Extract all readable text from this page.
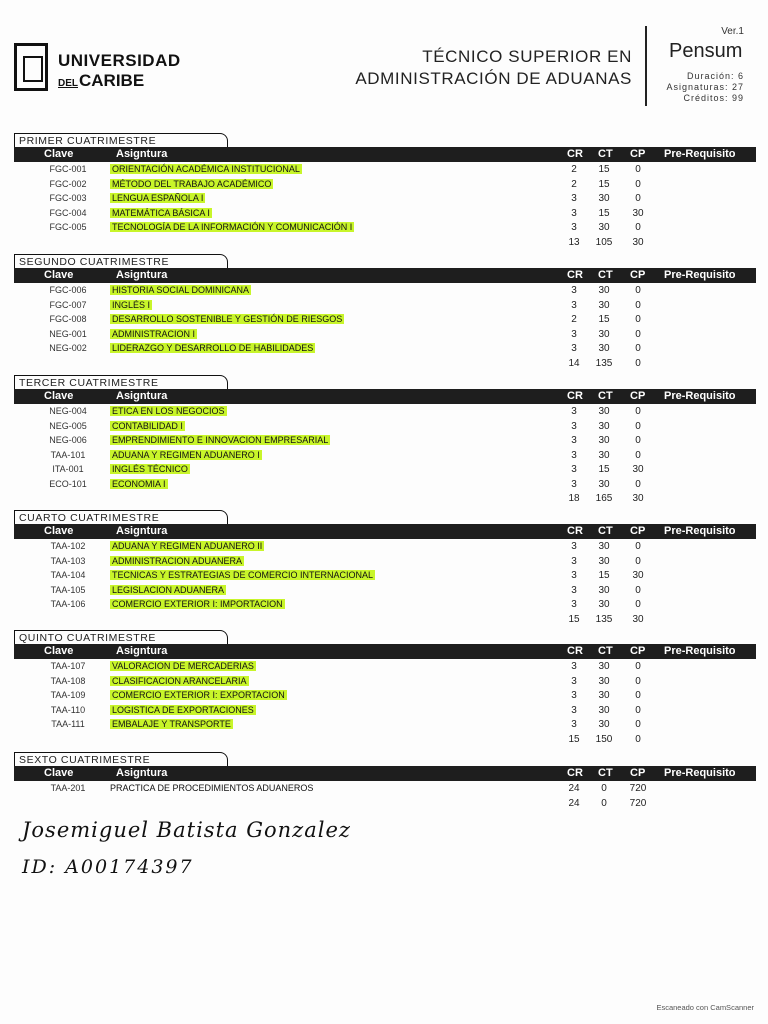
UNIVERSIDAD
DELCARIBE
TÉCNICO SUPERIOR EN
ADMINISTRACIÓN DE ADUANAS
Ver.1
Pensum
Duración: 6
Asignaturas: 27
Créditos: 99
PRIMER CUATRIMESTRE
Clave	Asigntura	CR CT CP Pre-Requisito
FGC-001	ORIENTACIÓN ACADÉMICA INSTITUCIONAL	2	15	0
FGC-002	MÉTODO DEL TRABAJO ACADÉMICO	2	15	0
FGC-003	LENGUA ESPAÑOLA I	3	30	0
FGC-004	MATEMÁTICA BÁSICA I	3	15	30
FGC-005	TECNOLOGÍA DE LA INFORMACIÓN Y COMUNICACIÓN I	3	30	0
13	105	30
SEGUNDO CUATRIMESTRE
Clave	Asigntura	CR CT CP Pre-Requisito
FGC-006	HISTORIA SOCIAL DOMINICANA	3	30	0
FGC-007	INGLÉS I	3	30	0
FGC-008	DESARROLLO SOSTENIBLE Y GESTIÓN DE RIESGOS	2	15	0
NEG-001	ADMINISTRACION I	3	30	0
NEG-002	LIDERAZGO Y DESARROLLO DE HABILIDADES	3	30	0
14	135	0
TERCER CUATRIMESTRE
Clave	Asigntura	CR CT CP Pre-Requisito
NEG-004	ETICA EN LOS NEGOCIOS	3	30	0
NEG-005	CONTABILIDAD I	3	30	0
NEG-006	EMPRENDIMIENTO E INNOVACION EMPRESARIAL	3	30	0
TAA-101	ADUANA Y REGIMEN ADUANERO I	3	30	0
ITA-001	INGLÉS TÉCNICO	3	15	30
ECO-101	ECONOMIA I	3	30	0
18	165	30
CUARTO CUATRIMESTRE
Clave	Asigntura	CR CT CP Pre-Requisito
TAA-102	ADUANA Y REGIMEN ADUANERO II	3	30	0
TAA-103	ADMINISTRACION ADUANERA	3	30	0
TAA-104	TECNICAS Y ESTRATEGIAS DE COMERCIO INTERNACIONAL	3	15	30
TAA-105	LEGISLACION ADUANERA	3	30	0
TAA-106	COMERCIO EXTERIOR I: IMPORTACION	3	30	0
15	135	30
QUINTO CUATRIMESTRE
Clave	Asigntura	CR CT CP Pre-Requisito
TAA-107	VALORACION DE MERCADERIAS	3	30	0
TAA-108	CLASIFICACION ARANCELARIA	3	30	0
TAA-109	COMERCIO EXTERIOR I: EXPORTACION	3	30	0
TAA-110	LOGISTICA DE EXPORTACIONES	3	30	0
TAA-111	EMBALAJE Y TRANSPORTE	3	30	0
15	150	0
SEXTO CUATRIMESTRE
Clave	Asigntura	CR CT CP Pre-Requisito
TAA-201	PRACTICA DE PROCEDIMIENTOS ADUANEROS	24	0	720
24	0	720
Josemiguel Batista Gonzalez
ID: A00174397
Escaneado con CamScanner
